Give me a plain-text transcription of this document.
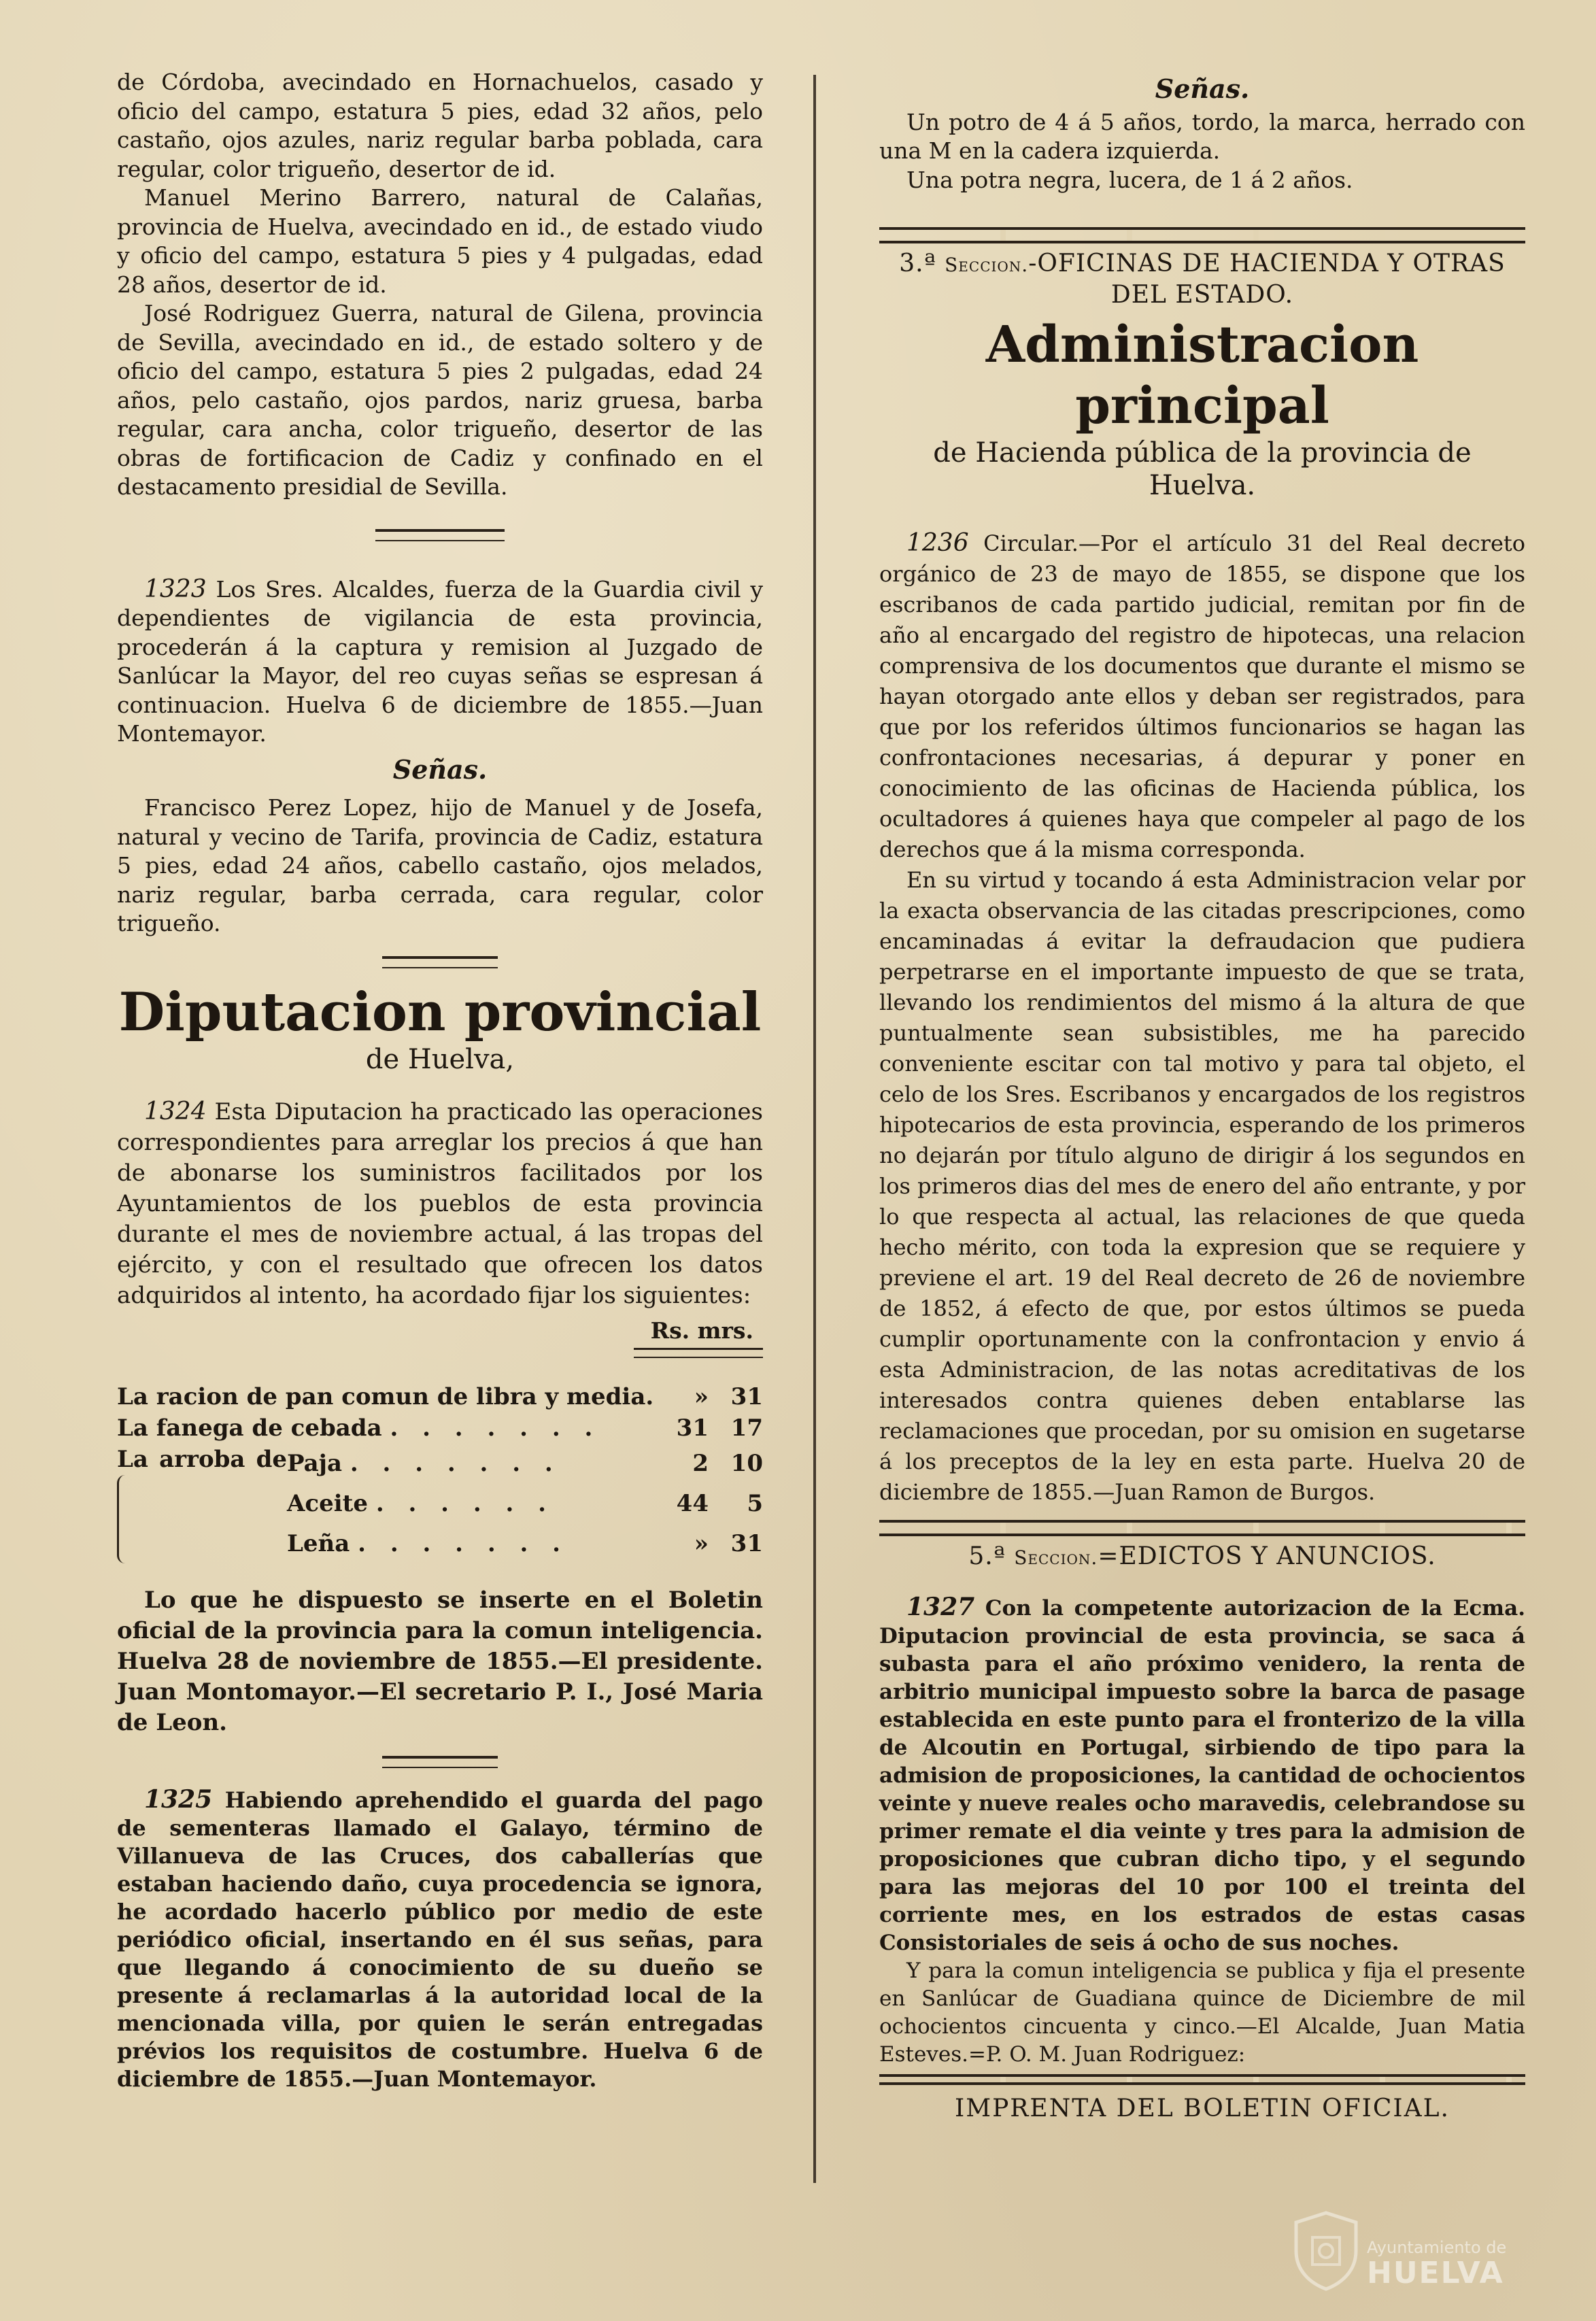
de Córdoba, avecindado en Hornachuelos, casado y oficio del campo, estatura 5 pies, edad 32 años, pelo castaño, ojos azules, nariz regular barba poblada, cara regular, color trigueño, desertor de id.

Manuel Merino Barrero, natural de Calañas, provincia de Huelva, avecindado en id., de estado viudo y oficio del campo, estatura 5 pies y 4 pulgadas, edad 28 años, desertor de id.

José Rodriguez Guerra, natural de Gilena, provincia de Sevilla, avecindado en id., de estado soltero y de oficio del campo, estatura 5 pies 2 pulgadas, edad 24 años, pelo castaño, ojos pardos, nariz gruesa, barba regular, cara ancha, color trigueño, desertor de las obras de fortificacion de Cadiz y confinado en el destacamento presidial de Sevilla.

1323 Los Sres. Alcaldes, fuerza de la Guardia civil y dependientes de vigilancia de esta provincia, procederán á la captura y remision al Juzgado de Sanlúcar la Mayor, del reo cuyas señas se espresan á continuacion. Huelva 6 de diciembre de 1855.—Juan Montemayor.

Señas.

Francisco Perez Lopez, hijo de Manuel y de Josefa, natural y vecino de Tarifa, provincia de Cadiz, estatura 5 pies, edad 24 años, cabello castaño, ojos melados, nariz regular, barba cerrada, cara regular, color trigueño.

Diputacion provincial
de Huelva,

1324 Esta Diputacion ha practicado las operaciones correspondientes para arreglar los precios á que han de abonarse los suministros facilitados por los Ayuntamientos de los pueblos de esta provincia durante el mes de noviembre actual, á las tropas del ejército, y con el resultado que ofrecen los datos adquiridos al intento, ha acordado fijar los siguientes:

Rs. mrs.
La racion de pan comun de libra y media.		»	31
La fanega de cebada . . . . . . .		31	17
La arroba de	Paja . . . . . . .	2	10
	Aceite . . . . . .	44	5
	Leña . . . . . . .	»	31

Lo que he dispuesto se inserte en el Boletin oficial de la provincia para la comun inteligencia. Huelva 28 de noviembre de 1855.—El presidente. Juan Montomayor.—El secretario P. I., José Maria de Leon.

1325 Habiendo aprehendido el guarda del pago de sementeras llamado el Galayo, término de Villanueva de las Cruces, dos caballerías que estaban haciendo daño, cuya procedencia se ignora, he acordado hacerlo público por medio de este periódico oficial, insertando en él sus señas, para que llegando á conocimiento de su dueño se presente á reclamarlas á la autoridad local de la mencionada villa, por quien le serán entregadas prévios los requisitos de costumbre. Huelva 6 de diciembre de 1855.—Juan Montemayor.

Señas.

Un potro de 4 á 5 años, tordo, la marca, herrado con una M en la cadera izquierda.

Una potra negra, lucera, de 1 á 2 años.

3.ª Seccion.-OFICINAS DE HACIENDA Y OTRAS DEL ESTADO.
Administracion principal
de Hacienda pública de la provincia de Huelva.

1236 Circular.—Por el artículo 31 del Real decreto orgánico de 23 de mayo de 1855, se dispone que los escribanos de cada partido judicial, remitan por fin de año al encargado del registro de hipotecas, una relacion comprensiva de los documentos que durante el mismo se hayan otorgado ante ellos y deban ser registrados, para que por los referidos últimos funcionarios se hagan las confrontaciones necesarias, á depurar y poner en conocimiento de las oficinas de Hacienda pública, los ocultadores á quienes haya que compeler al pago de los derechos que á la misma corresponda.

En su virtud y tocando á esta Administracion velar por la exacta observancia de las citadas prescripciones, como encaminadas á evitar la defraudacion que pudiera perpetrarse en el importante impuesto de que se trata, llevando los rendimientos del mismo á la altura de que puntualmente sean subsistibles, me ha parecido conveniente escitar con tal motivo y para tal objeto, el celo de los Sres. Escribanos y encargados de los registros hipotecarios de esta provincia, esperando de los primeros no dejarán por título alguno de dirigir á los segundos en los primeros dias del mes de enero del año entrante, y por lo que respecta al actual, las relaciones de que queda hecho mérito, con toda la expresion que se requiere y previene el art. 19 del Real decreto de 26 de noviembre de 1852, á efecto de que, por estos últimos se pueda cumplir oportunamente con la confrontacion y envio á esta Administracion, de las notas acreditativas de los interesados contra quienes deben entablarse las reclamaciones que procedan, por su omision en sugetarse á los preceptos de la ley en esta parte. Huelva 20 de diciembre de 1855.—Juan Ramon de Burgos.

5.ª Seccion.=EDICTOS Y ANUNCIOS.

1327 Con la competente autorizacion de la Ecma. Diputacion provincial de esta provincia, se saca á subasta para el año próximo venidero, la renta de arbitrio municipal impuesto sobre la barca de pasage establecida en este punto para el fronterizo de la villa de Alcoutin en Portugal, sirbiendo de tipo para la admision de proposiciones, la cantidad de ochocientos veinte y nueve reales ocho maravedis, celebrandose su primer remate el dia veinte y tres para la admision de proposiciones que cubran dicho tipo, y el segundo para las mejoras del 10 por 100 el treinta del corriente mes, en los estrados de estas casas Consistoriales de seis á ocho de sus noches.

Y para la comun inteligencia se publica y fija el presente en Sanlúcar de Guadiana quince de Diciembre de mil ochocientos cincuenta y cinco.—El Alcalde, Juan Matia Esteves.=P. O. M. Juan Rodriguez:

IMPRENTA DEL BOLETIN OFICIAL.
Ayuntamiento de
HUELVA
